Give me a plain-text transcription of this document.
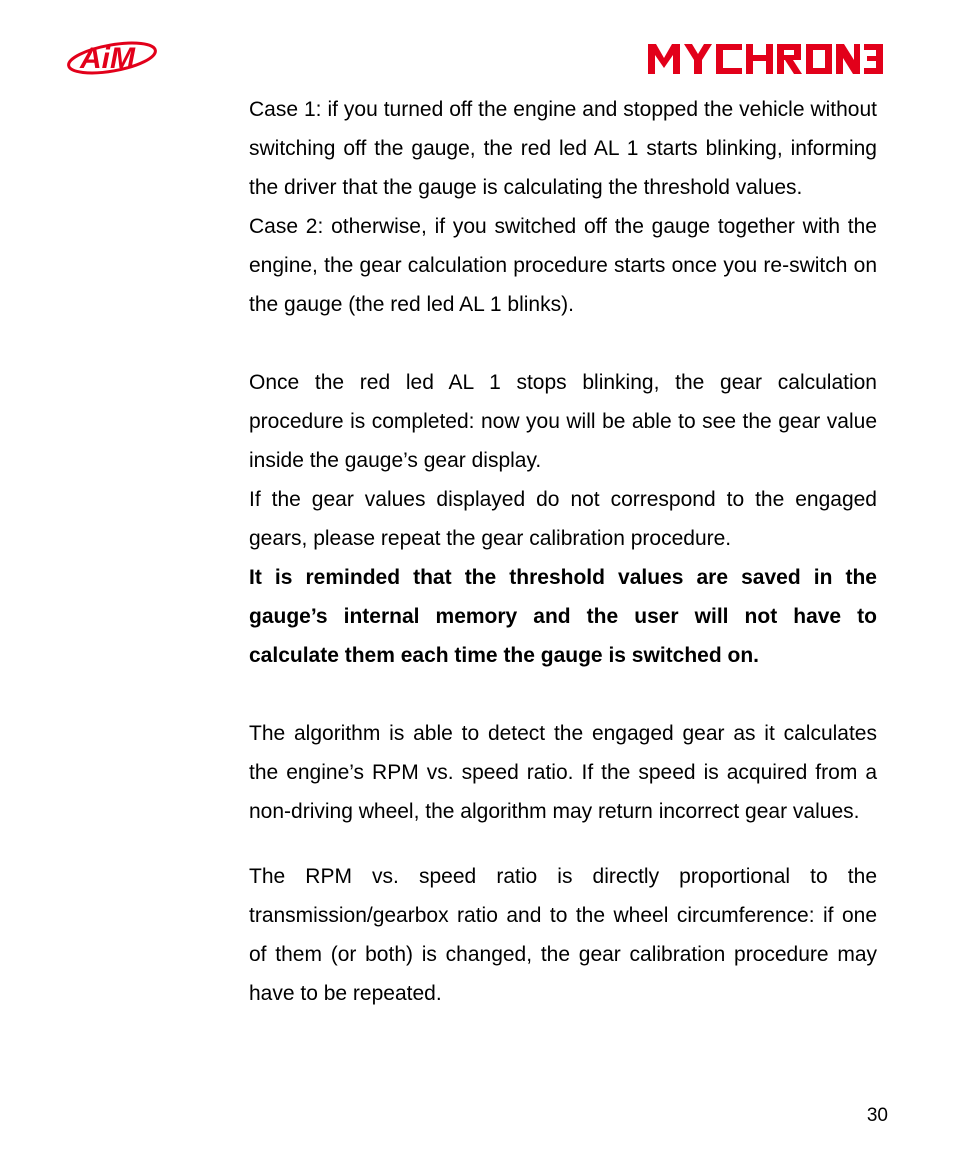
AiM

Case 1: if you turned off the engine and stopped the vehicle without switching off the gauge, the red led AL 1 starts blinking, informing the driver that the gauge is calculating the threshold values.

Case 2: otherwise, if you switched off the gauge together with the engine, the gear calculation procedure starts once you re-switch on the gauge (the red led AL 1 blinks).

Once the red led AL 1 stops blinking, the gear calculation procedure is completed: now you will be able to see the gear value inside the gauge’s gear display.

If the gear values displayed do not correspond to the engaged gears, please repeat the gear calibration procedure.

It is reminded that the threshold values are saved in the gauge’s internal memory and the user will not have to calculate them each time the gauge is switched on.

The algorithm is able to detect the engaged gear as it calculates the engine’s RPM vs. speed ratio. If the speed is acquired from a non-driving wheel, the algorithm may return incorrect gear values.

The RPM vs. speed ratio is directly proportional to the transmission/gearbox ratio and to the wheel circumference: if one of them (or both) is changed, the gear calibration procedure may have to be repeated.

30
